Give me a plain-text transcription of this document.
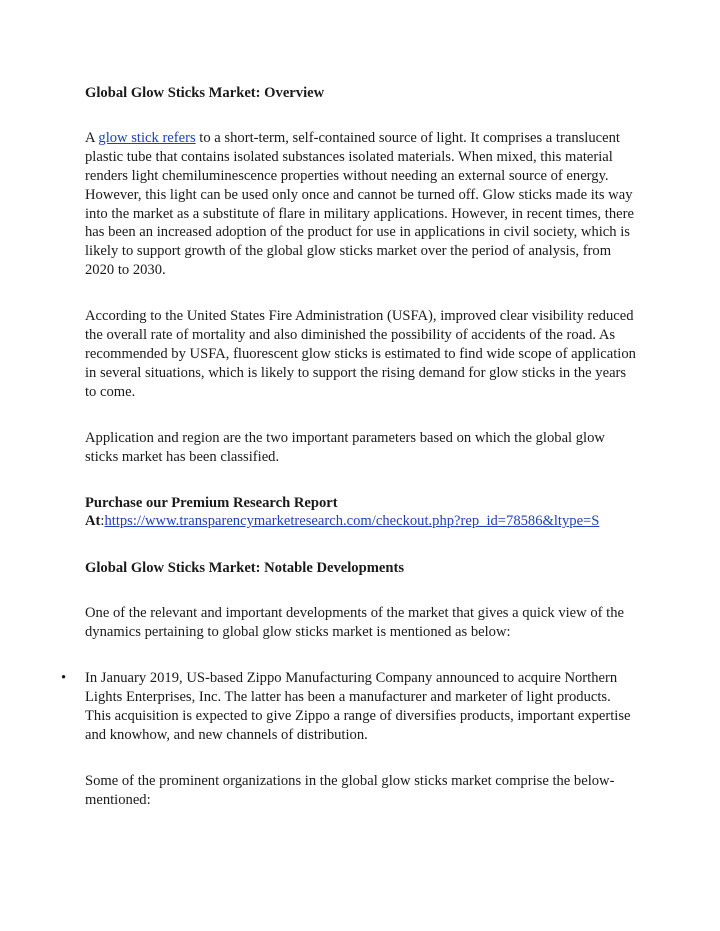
Global Glow Sticks Market: Overview

A glow stick refers to a short-term, self-contained source of light. It comprises a translucent plastic tube that contains isolated substances isolated materials. When mixed, this material renders light chemiluminescence properties without needing an external source of energy. However, this light can be used only once and cannot be turned off. Glow sticks made its way into the market as a substitute of flare in military applications. However, in recent times, there has been an increased adoption of the product for use in applications in civil society, which is likely to support growth of the global glow sticks market over the period of analysis, from 2020 to 2030.

According to the United States Fire Administration (USFA), improved clear visibility reduced the overall rate of mortality and also diminished the possibility of accidents of the road. As recommended by USFA, fluorescent glow sticks is estimated to find wide scope of application in several situations, which is likely to support the rising demand for glow sticks in the years to come.

Application and region are the two important parameters based on which the global glow sticks market has been classified.

Purchase our Premium Research Report
At:https://www.transparencymarketresearch.com/checkout.php?rep_id=78586&ltype=S

Global Glow Sticks Market: Notable Developments

One of the relevant and important developments of the market that gives a quick view of the dynamics pertaining to global glow sticks market is mentioned as below:

• In January 2019, US-based Zippo Manufacturing Company announced to acquire Northern Lights Enterprises, Inc. The latter has been a manufacturer and marketer of light products. This acquisition is expected to give Zippo a range of diversifies products, important expertise and knowhow, and new channels of distribution.

Some of the prominent organizations in the global glow sticks market comprise the below-mentioned:
